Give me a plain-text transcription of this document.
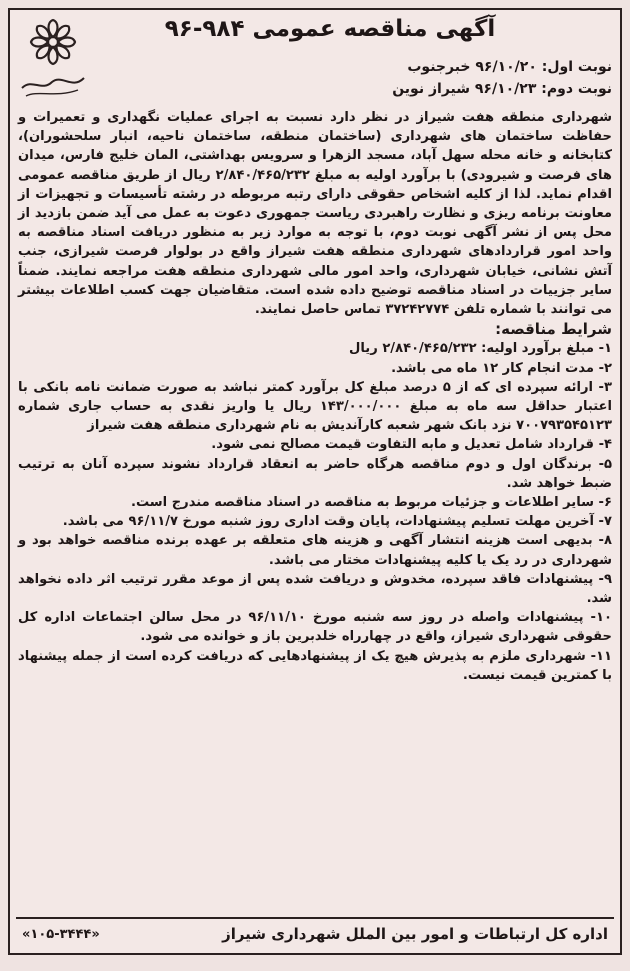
آگهی مناقصه عمومی ۹۸۴-۹۶
نوبت اول: ۹۶/۱۰/۲۰ خبرجنوب
نوبت دوم: ۹۶/۱۰/۲۳ شیراز نوین

شهرداری منطقه هفت شیراز در نظر دارد نسبت به اجرای عملیات نگهداری و تعمیرات و حفاظت ساختمان های شهرداری (ساختمان منطقه، ساختمان ناحیه، انبار سلحشوران)، کتابخانه و خانه محله سهل آباد، مسجد الزهرا و سرویس بهداشتی، المان خلیج فارس، میدان های فرصت و شیرودی) با برآورد اولیه به مبلغ ۲/۸۴۰/۴۶۵/۲۳۲ ریال از طریق مناقصه عمومی اقدام نماید. لذا از کلیه اشخاص حقوقی دارای رتبه مربوطه در رشته تأسیسات و تجهیزات از معاونت برنامه ریزی و نظارت راهبردی ریاست جمهوری دعوت به عمل می آید ضمن بازدید از محل پس از نشر آگهی نوبت دوم، با توجه به موارد زیر به منظور دریافت اسناد مناقصه به واحد امور قراردادهای شهرداری منطقه هفت شیراز واقع در بولوار فرصت شیرازی، جنب آتش نشانی، خیابان شهرداری، واحد امور مالی شهرداری منطقه هفت مراجعه نمایند. ضمناً سایر جزییات در اسناد مناقصه توضیح داده شده است. متقاضیان جهت کسب اطلاعات بیشتر می توانند با شماره تلفن ۳۷۲۴۲۷۷۴ تماس حاصل نمایند.

شرایط مناقصه:

۱- مبلغ برآورد اولیه: ۲/۸۴۰/۴۶۵/۲۳۲ ریال

۲- مدت انجام کار ۱۲ ماه می باشد.

۳- ارائه سپرده ای که از ۵ درصد مبلغ کل برآورد کمتر نباشد به صورت ضمانت نامه بانکی با اعتبار حداقل سه ماه به مبلغ ۱۴۳/۰۰۰/۰۰۰ ریال یا واریز نقدی به حساب جاری شماره ۷۰۰۷۹۳۵۴۵۱۲۳ نزد بانک شهر شعبه کارآندیش به نام شهرداری منطقه هفت شیراز

۴- قرارداد شامل تعدیل و مابه التفاوت قیمت مصالح نمی شود.

۵- برندگان اول و دوم مناقصه هرگاه حاضر به انعقاد قرارداد نشوند سپرده آنان به ترتیب ضبط خواهد شد.

۶- سایر اطلاعات و جزئیات مربوط به مناقصه در اسناد مناقصه مندرج است.

۷- آخرین مهلت تسلیم پیشنهادات، پایان وقت اداری روز شنبه مورخ ۹۶/۱۱/۷ می باشد.

۸- بدیهی است هزینه انتشار آگهی و هزینه های متعلقه بر عهده برنده مناقصه خواهد بود و شهرداری در رد یک یا کلیه پیشنهادات مختار می باشد.

۹- پیشنهادات فاقد سپرده، مخدوش و دریافت شده پس از موعد مقرر ترتیب اثر داده نخواهد شد.

۱۰- پیشنهادات واصله در روز سه شنبه مورخ ۹۶/۱۱/۱۰ در محل سالن اجتماعات اداره کل حقوقی شهرداری شیراز، واقع در چهارراه خلدبرین باز و خوانده می شود.

۱۱- شهرداری ملزم به پذیرش هیچ یک از پیشنهادهایی که دریافت کرده است از جمله پیشنهاد با کمترین قیمت نیست.

اداره کل ارتباطات و امور بین الملل شهرداری شیراز
«۱۰۵-۳۴۴۴»
